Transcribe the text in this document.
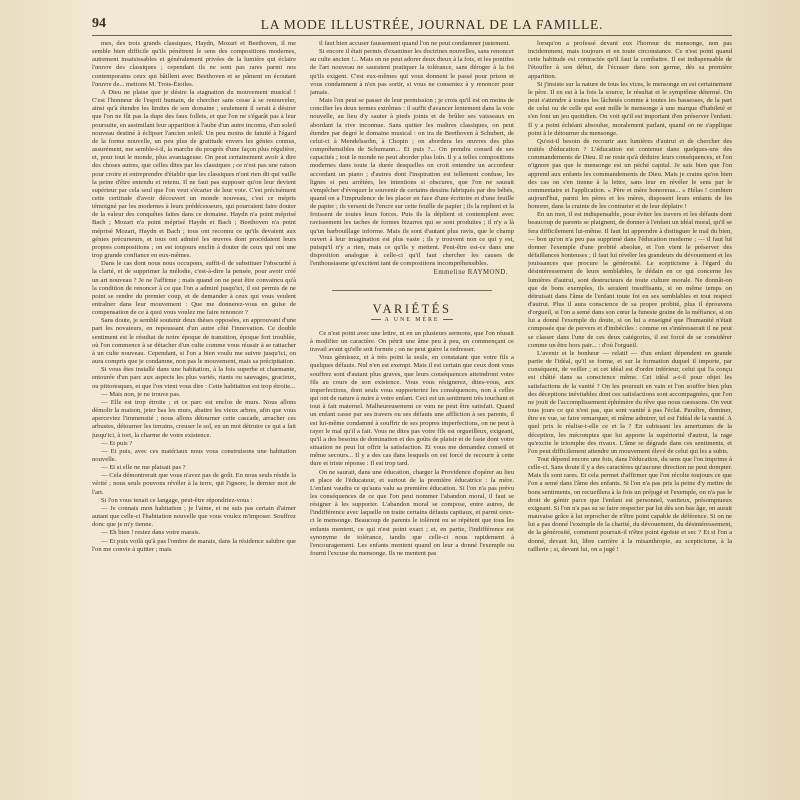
94	LA MODE ILLUSTRÉE, JOURNAL DE LA FAMILLE.

mes, des trois grands classiques, Haydn, Mozart et Beethoven, il me semble bien difficile qu'ils pénètrent le sens des compositions modernes, autrement insaisissables et généralement privées de la lumière qui éclaire l'œuvre des classiques ; cependant ils ne sont pas rares parmi nos contemporains ceux qui bâillent avec Beethoven et se pâment en écoutant l'œuvre de... mettons M. Trois-Étoiles.

A Dieu ne plaise que je désire la stagnation du mouvement musical ! C'est l'honneur de l'esprit humain, de chercher sans cesse à se renouveler, ainsi qu'à étendre les limites de son domaine ; seulement il serait à désirer que l'on ne fût pas la dupe des faux follets, et que l'on ne s'égarât pas à leur poursuite, en assimilant leur apparition à l'aube d'un autre incomu, d'un soleil nouveau destiné à éclipser l'ancien soleil. Un peu moins de fatuité à l'égard de la forme nouvelle, un peu plus de gratitude envers les génies connus, assurément, me semble-t-il, la marche du progrès d'une façon plus régulière, et, pour tout le monde, plus avantageuse. On peut certainement avoir à dire des choses autres, que celles dites par les classiques ; ce n'est pas une raison pour croire et entreprendre d'établir que les classiques n'ont rien dit qui vaille la peine d'être entendu et retenu. Il ne faut pas supposer qu'on leur devient supérieur par cela seul que l'on veut s'écarter de leur voie. C'est précisément cette certitude d'avoir découvert un monde nouveau, c'est ce mépris témoigné par les modernes à leurs prédécesseurs, qui pourraient faire douter de la valeur des conquêtes faites dans ce domaine. Haydn n'a point méprisé Bach ; Mozart n'a point méprisé Haydn et Bach ; Beethoven n'a point méprisé Mozart, Haydn et Bach ; tous ont reconnu ce qu'ils devaient aux génies précurseurs, et tous ont admiré les œuvres dont procédaient leurs propres compositions ; on est toujours enclin à douter de ceux qui ont une trop grande confiance en eux-mêmes.

Dans le cas dont nous nous occupons, suffit-il de substituer l'obscurité à la clarté, et de supprimer la mélodie, c'est-à-dire la pensée, pour avoir créé un art nouveau ? Je ne l'affirme ; mais quand on ne peut être convaincu qu'à la condition de renoncer à ce que l'on a admiré jusqu'ici, il est permis de ne point se rendre du premier coup, et de demander à ceux qui vous veulent entraîner dans leur mouvement : Que me donnerez-vous en guise de compensation de ce à quoi vous voulez me faire renoncer ?

Sans doute, je semblé soutenir deux thèses opposées, en approuvant d'une part les novateurs, en repoussant d'un autre côté l'innovation. Ce double sentiment est le résultat de notre époque de transition, époque fort troublée, où l'on commence à se détacher d'un culte comme vous réussir à se rattacher à un culte nouveau. Cependant, si l'on a bien voulu me suivre jusqu'ici, on aura compris que je condamne, non pas le mouvement, mais sa précipitation.

Si vous êtes installé dans une habitation, à la fois superbe et charmante, entourée d'un parc aux aspects les plus variés, riants ou sauvages, gracieux, ou pittoresques, et que l'on vient vous dire : Cette habitation est trop étroite...

— Mais non, je ne trouve pas.

— Elle est trop étroite ; et ce parc est enclos de murs. Nous allons démolir la maison, jeter bas les murs, abattre les vieux arbres, afin que vous aperceviez l'immensité ; nous allons détourner cette cascade, arracher ces arbustes, détourner les terrains, creuser le sol, en un mot détruire ce qui a fait jusqu'ici, à tort, la charme de votre existence.

— Et puis ?

— Et puis, avec ces matériaux nous vous construisons une habitation nouvelle.

— Et si elle ne me plaisait pas ?

— Cela démontrerait que vous n'avez pas de goût. En nous seuls réside la vérité ; nous seuls pouvons révéler à la terre, qui l'ignore, le dernier mot de l'art.

Si l'on vous tenait ce langage, peut-être répondriez-vous :

— Je connais mon habitation ; je l'aime, et ne suis pas certain d'aimer autant que celle-ci l'habitation nouvelle que vous voulez m'imposer. Souffrez donc que je m'y tienne.

— Eh bien ! restez dans votre marais.

— Et puis voilà qu'à pas l'ombre de marais, dans la résidence salubre que l'on me convie à quitter ; mais

il faut bien accuser faussement quand l'on ne peut condamner justement.

Si encore il était permis d'examiner les doctrines nouvelles, sans renoncer au culte ancien !... Mais on ne peut adorer deux dieux à la fois, et les pontifes de l'art nouveau ne sauraient pratiquer la tolérance, sans déroger à la foi qu'ils exigent. C'est eux-mêmes qui vous donnent le passé pour prison et vous condamnent à n'en pas sortir, si vous ne consentez à y renoncer pour jamais.

Mais l'on peut se passer de leur permission ; je crois qu'il est on moins de concilier les deux termes extrêmes : il suffit d'avancer lentement dans la voie nouvelle, au lieu d'y sauter à pieds joints et de brûler ses vaisseaux en abordant la rive inconnue. Sans quitter les maîtres classiques, on peut étendre par degré le domaine musical : on ira de Beethoven à Schubert, de celui-ci à Mendelssohn, à Chopin ; on abordera les œuvres des plus compréhensibles de Schumann... Et puis ?... On prendra conseil de ses capacités ; tout le monde ne peut aborder plus loin. Il y a telles compositions modernes dans toute la durée desquelles on croit entendre un accordeur accordant un piano ; d'autres dont l'inspiration est tellement confuse, les lignes si peu arrêtées, les intentions si obscures, que l'on ne saurait s'empêcher d'évoquer le souvenir de certains dessins fabriqués par des bébés, quand on a l'imprudence de les placer en face d'une écritoire et d'une feuille de papier ; ils versent de l'encre sur cette feuille de papier ; ils la replient et la froissent de toutes leurs forces. Puis ils la déplient et contemplent avec ravissement les taches de formes bizarres qui se sont produites ; il n'y a là qu'un barbouillage informe. Mais ils sont d'autant plus ravis, que le champ ouvert à leur imagination est plus vaste ; ils y trouvent non ce qui y est, puisqu'il n'y a rien, mais ce qu'ils y mettent. Peut-être est-ce dans une disposition analogue à celle-ci qu'il faut chercher les causes de l'enthousiasme qu'excitent tant de compositions incompréhensibles.

Emmeline RAYMOND.
VARIÉTÉS
A UNE MÈRE

Ce n'est point avec une lettre, ni en un plusieurs sermons, que l'on réussit à modifier un caractère. On pétrit une âme peu à peu, en commençant ce travail avant qu'elle soit formée ; on ne peut guère la redresser.

Vous gémissez, et à très point la seule, en constatant que votre fils a quelques défauts. Nul n'en est exempt. Mais il est certain que ceux dont vous souffrez sont d'autant plus graves, que leurs conséquences atteindront votre fils au cours de son existence. Vous vous résignerez, dites-vous, aux imperfections, dont seuls vous supporteriez les conséquences, non à celles qui ont de nature à nuire à votre enfant. Ceci est un sentiment très touchant et tout à fait maternel. Malheureusement ce vœu ne peut être satisfait. Quand un enfant casse par ses travers ou ses défauts une affliction à ses parents, il est lui-même condamné à souffrir de ses propres imperfections, on ne peut à rayer le mal qu'il a fait. Vous ne dites pas votre fils est orgueilleux, exigeant, qu'il a des besoins de domination et des goûts de plaisir et de faste dont votre situation ne peut lui offrir la satisfaction. Et vous me demandez conseil et même secours... Il y a des cas dans lesquels on est forcé de recourir à cette dure et triste réponse : Il est trop tard.

On ne saurait, dans une éducation, charger la Providence d'opérer au lieu et place de l'éducateur, et surtout de la première éducatrice : la mère. L'enfant vaudra ce qu'aura valu sa première éducation. Si l'on n'a pas prévu les conséquences de ce que l'on peut nommer l'abandon moral, il faut se résigner à les supporter. L'abandon moral se compose, entre autres, de l'indifférence avec laquelle on traite certains défauts capitaux, et parmi ceux-ci le mensonge. Beaucoup de parents le tolèrent ou se répètent que tous les enfants mentent, ce qui n'est point exact ; et, en partie, l'indifférence est synonyme de tolérance, tandis que celle-ci nous rapidement à l'encouragement. Les enfants mentent quand on leur a donné l'exemple ou fourni l'excuse du mensonge. Ils ne mentent pas

lorsqu'on a professé devant eux l'horreur du mensonge, non pas incidemment, mais toujours et en toute circonstance. Ce n'est point quand cette habitude est contractée qu'il faut la combattre. Il est indispensable de l'étouffer à son début, de l'écraser dans son germe, dès sa première apparition.

Si j'insiste sur la nature de tous les vices, le mensonge en est certainement le père. Il en est à la fois la source, le résultat et le symptôme détermé. On peut s'attendre à toutes les lâchetés comme à toutes les bassesses, de la part de celui ou de celle qui sont mille le mensonge à une marque d'habileté et s'en font un jeu quotidien. On voit qu'il est important d'en préserver l'enfant. Il y a point échéant absoulue, moralement parlant, quand on ne s'applique point à le détourner du mensonge.

Qu'est-il besoin de recourir aux lumières d'autrui et de chercher des traités d'éducation ? L'éducation est contenue dans quelques-uns des commandements de Dieu. Il ne reste qu'à déduire leurs conséquences, et l'on n'ignore pas que le mensonge est un péché capital. Je sais bien que l'on apprend aux enfants les commandements de Dieu. Mais je crains qu'on bien des cas on s'en tienne à la lettre, sans leur en révéler le sens par le commentaire et l'application. « Père et mère honoreras... » Hélas ! combien aujourd'hui, parmi les pères et les mères, disposent leurs enfants de les honorer, dans la crainte de les contrarier et de leur déplaire !

En un mot, il est indispensable, pour éviter les travers et les défauts dont beaucoup de parents se plaignent, de donner à l'enfant un idéal moral, qu'il se fera difficilement lui-même. Il faut lui apprendre à distinguer le mal du bien, — bon qu'on n'a peu pas supprimé dans l'éducation moderne ; — il faut lui donner l'exemple d'une probité absolue, et l'on vient le préserver des défaillances honteuses ; il faut lui révéler les grandeurs du dévouement et les jouissances que procure la générosité. Le scepticisme à l'égard du désintéressement de leurs semblables, le dédain en ce qui concerne les lumières d'autrui, sont destructeurs de toute culture morale. Ne donnât-on que de bons exemples, ils seraient insuffisants, si on même temps on détruisait dans l'âme de l'enfant toute foi en ses semblables et tout respect d'autrui. Plus il aura conscience de sa propre probité, plus il éprouvera d'orgueil, si l'on a semé dans son cœur la funeste graine de la méfiance, si on lui a donné l'exemple du doute, si on lui a enseigné que l'humanité n'était composée que de pervers et d'imbéciles : comme on s'intéresserait il ne peut se classer dans l'une de ces deux catégories, il est forcé de se considérer comme un être hors pair... : d'où l'orgueil.

L'avenir et le bonheur — relatif — d'un enfant dépendent en grande partie de l'idéal, qu'il se forme, et sur la formation duquel il importe, par conséquent, de veiller ; et cet idéal est d'ordre inférieur, celui qui l'a conçu est châtié dans sa conscience même. Cet idéal a-t-il pour objet les satisfactions de la vanité ? On les poursuit en vain et l'on souffre bien plus des déceptions inévitables dont ces satisfactions sont accompagnées, que l'on ne jouit de l'accomplissement éphémère du rêve que nous caressons. On veut tous jours ce qui n'est pas, que sont vanité à pas l'éclat. Paraître, dominer, être en vue, se faire remarquer, et même admirer, tel est l'idéal de la vanité. A quel prix le réalise-t-elle ce et la ? En subissant les amertumes de la déception, les mécomptes que lui apporte la supériorité d'autrui, la rage qu'excite le triomphe des rivaux. L'âme se dégrade dans ces sentiments, et l'on peut difficilement attendre un mouvement élevé de celui qui les a subis.

Tout dépend encore une fois, dans l'éducation, du sens que l'on imprime à celle-ci. Sans doute il y a des caractères qu'aucune direction ne peut dompter. Mais ils sont rares. Et cela permet d'affirmer que l'on récolte toujours ce que l'on a semé dans l'âme des enfants. Si l'on n'a pas pris la peine d'y mettre de bons sentiments, on recueillera à la fois un préjugé et l'exemple, on n'a pas le droit de gémir parce que l'enfant est personnel, vaniteux, présomptueux exigeant. Si l'on n'a pas su se faire respecter par lui dès son bas âge, on aurait mauvaise grâce à lui reprocher de n'être point capable de déférence. Si on ne lui a pas donné l'exemple de la charité, du dévouement, du désintéressement, de la générosité, comment pourrait-il n'être point égoïste et sec ? Et si l'on a donné, devant lui, libre carrière à la misanthropie, au scepticisme, à la raillerie ; si, devant lui, on a jugé !
